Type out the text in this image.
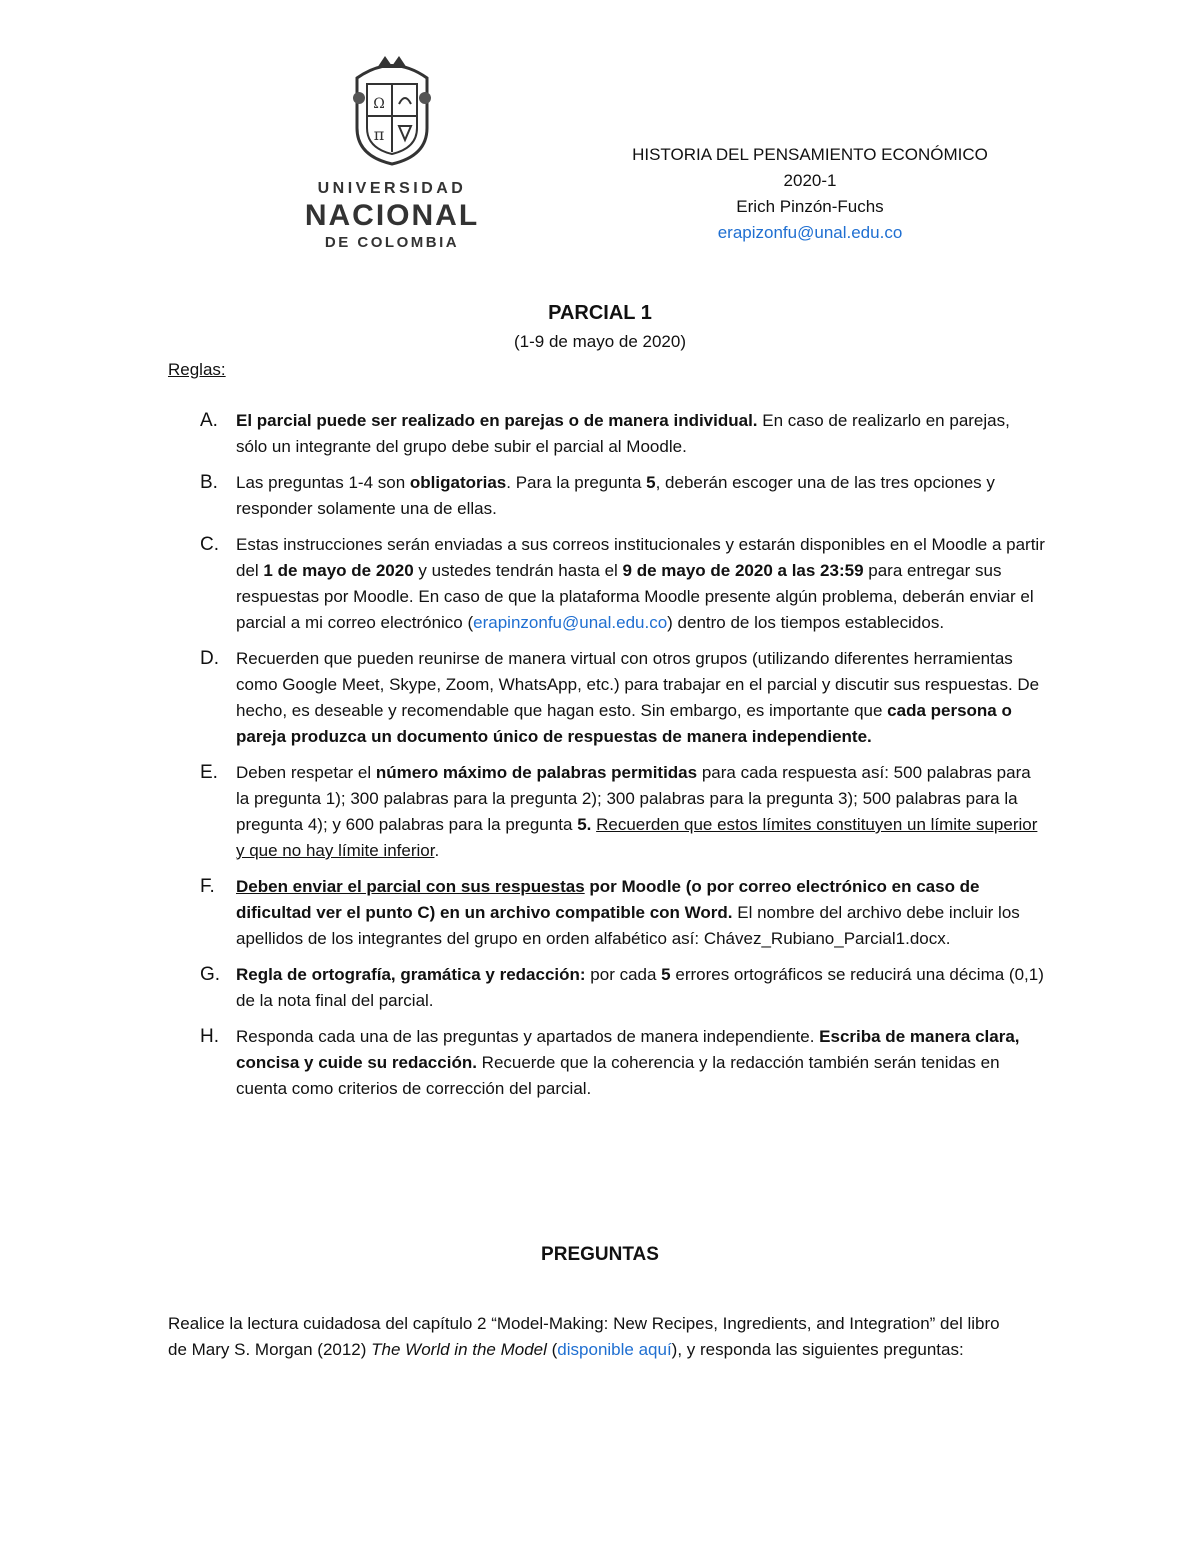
Ω
π
UNIVERSIDAD
NACIONAL
DE COLOMBIA
HISTORIA DEL PENSAMIENTO ECONÓMICO
2020-1
Erich Pinzón-Fuchs
erapizonfu@unal.edu.co
PARCIAL 1
(1-9 de mayo de 2020)
Reglas:
A. El parcial puede ser realizado en parejas o de manera individual. En caso de realizarlo en parejas, sólo un integrante del grupo debe subir el parcial al Moodle.
B. Las preguntas 1-4 son obligatorias. Para la pregunta 5, deberán escoger una de las tres opciones y responder solamente una de ellas.
C. Estas instrucciones serán enviadas a sus correos institucionales y estarán disponibles en el Moodle a partir del 1 de mayo de 2020 y ustedes tendrán hasta el 9 de mayo de 2020 a las 23:59 para entregar sus respuestas por Moodle. En caso de que la plataforma Moodle presente algún problema, deberán enviar el parcial a mi correo electrónico (erapinzonfu@unal.edu.co) dentro de los tiempos establecidos.
D. Recuerden que pueden reunirse de manera virtual con otros grupos (utilizando diferentes herramientas como Google Meet, Skype, Zoom, WhatsApp, etc.) para trabajar en el parcial y discutir sus respuestas. De hecho, es deseable y recomendable que hagan esto. Sin embargo, es importante que cada persona o pareja produzca un documento único de respuestas de manera independiente.
E. Deben respetar el número máximo de palabras permitidas para cada respuesta así: 500 palabras para la pregunta 1); 300 palabras para la pregunta 2); 300 palabras para la pregunta 3); 500 palabras para la pregunta 4); y 600 palabras para la pregunta 5. Recuerden que estos límites constituyen un límite superior y que no hay límite inferior.
F. Deben enviar el parcial con sus respuestas por Moodle (o por correo electrónico en caso de dificultad ver el punto C) en un archivo compatible con Word. El nombre del archivo debe incluir los apellidos de los integrantes del grupo en orden alfabético así: Chávez_Rubiano_Parcial1.docx.
G. Regla de ortografía, gramática y redacción: por cada 5 errores ortográficos se reducirá una décima (0,1) de la nota final del parcial.
H. Responda cada una de las preguntas y apartados de manera independiente. Escriba de manera clara, concisa y cuide su redacción. Recuerde que la coherencia y la redacción también serán tenidas en cuenta como criterios de corrección del parcial.
PREGUNTAS

Realice la lectura cuidadosa del capítulo 2 “Model-Making: New Recipes, Ingredients, and Integration” del libro de Mary S. Morgan (2012) The World in the Model (disponible aquí), y responda las siguientes preguntas:
